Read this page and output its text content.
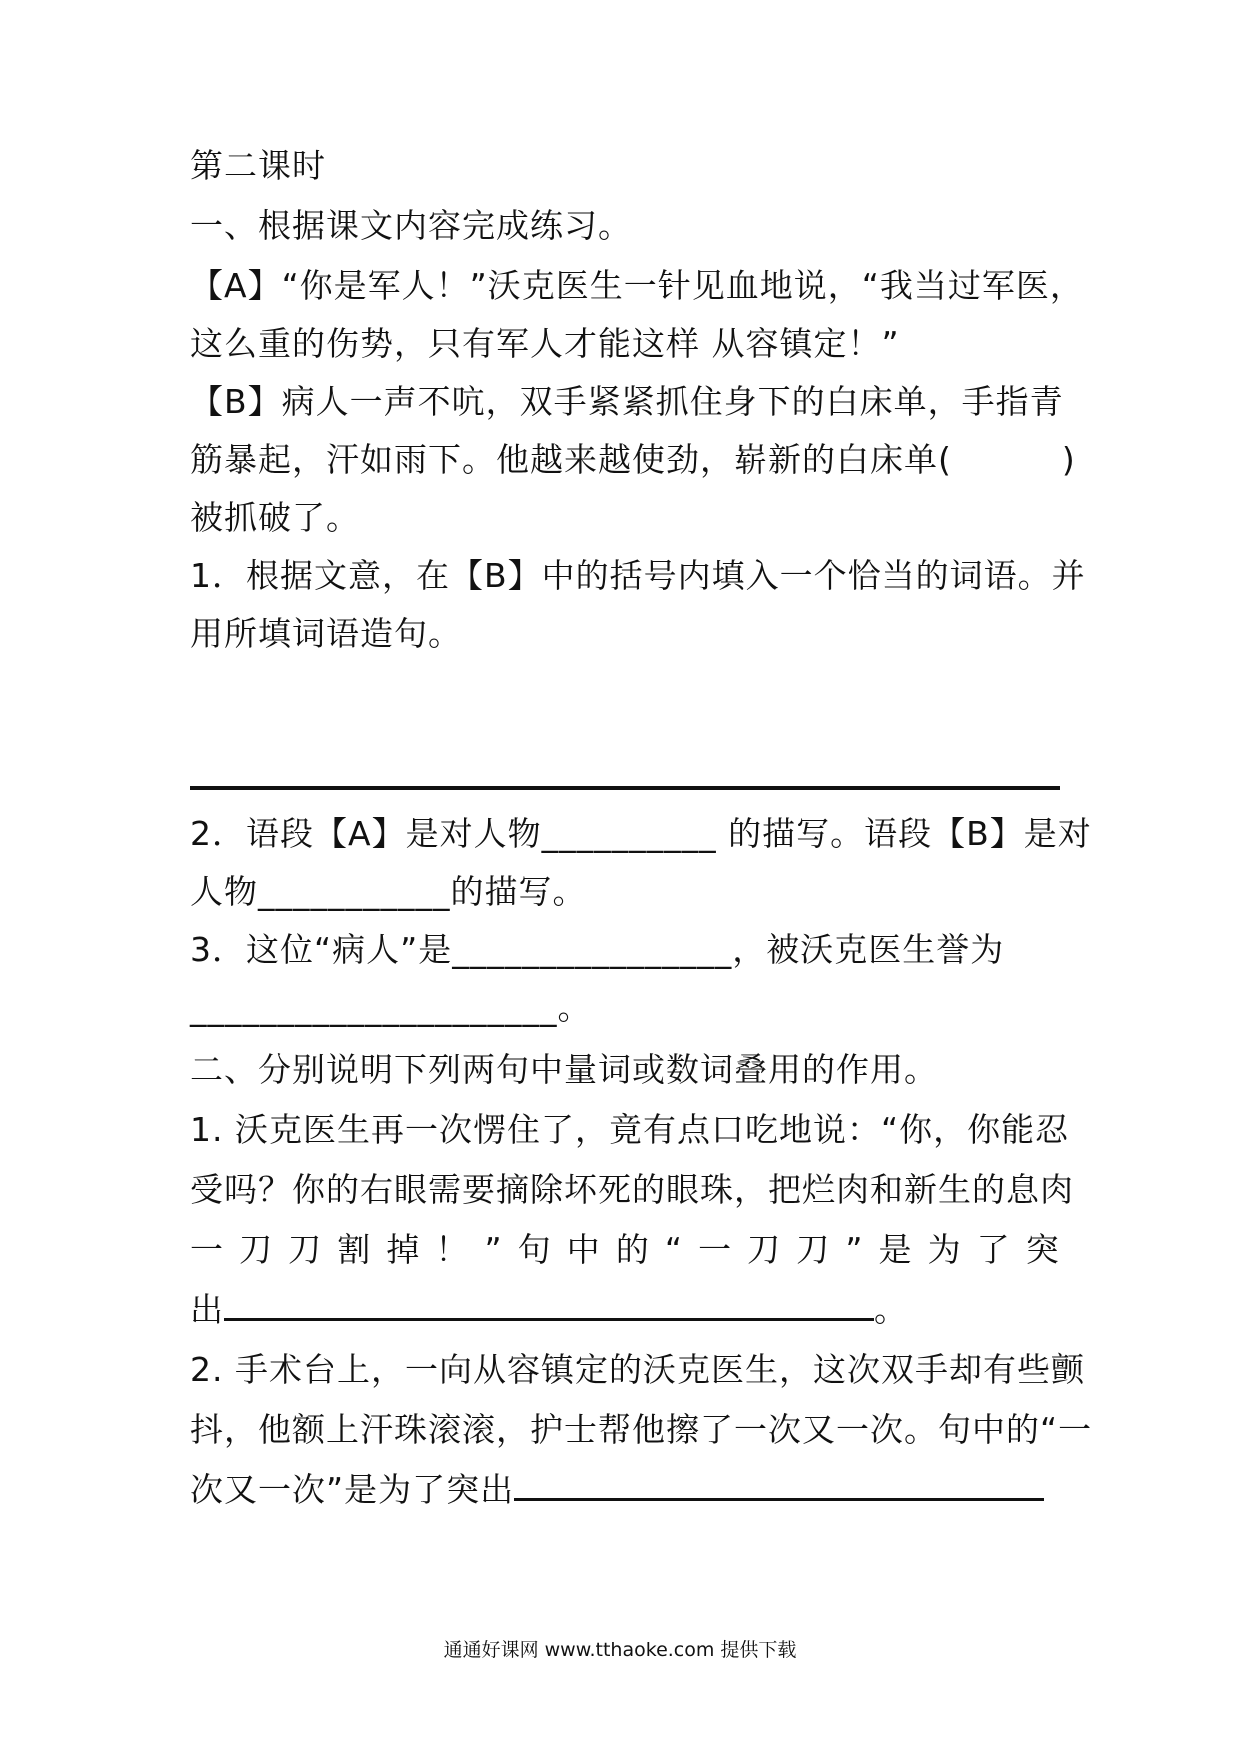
第二课时
一、根据课文内容完成练习。
【A】“你是军人！”沃克医生一针见血地说，“我当过军医，
这么重的伤势，只有军人才能这样 从容镇定！”
【B】病人一声不吭，双手紧紧抓住身下的白床单，手指青
筋暴起，汗如雨下。他越来越使劲，崭新的白床单(	)
被抓破了。
1．根据文意，在【B】中的括号内填入一个恰当的词语。并
用所填词语造句。
2．语段【A】是对人物__________ 的描写。语段【B】是对
人物___________的描写。
3．这位“病人”是________________，被沃克医生誉为
_____________________。
二、分别说明下列两句中量词或数词叠用的作用。
1. 沃克医生再一次愣住了，竟有点口吃地说：“你，你能忍
受吗？你的右眼需要摘除坏死的眼珠，把烂肉和新生的息肉
一 刀 刀 割 掉 ！ ” 句 中 的 “ 一 刀 刀 ” 是 为 了 突
出	。
2. 手术台上，一向从容镇定的沃克医生，这次双手却有些颤
抖，他额上汗珠滚滚，护士帮他擦了一次又一次。句中的“一
次又一次”是为了突出
通通好课网 www.tthaoke.com 提供下载
